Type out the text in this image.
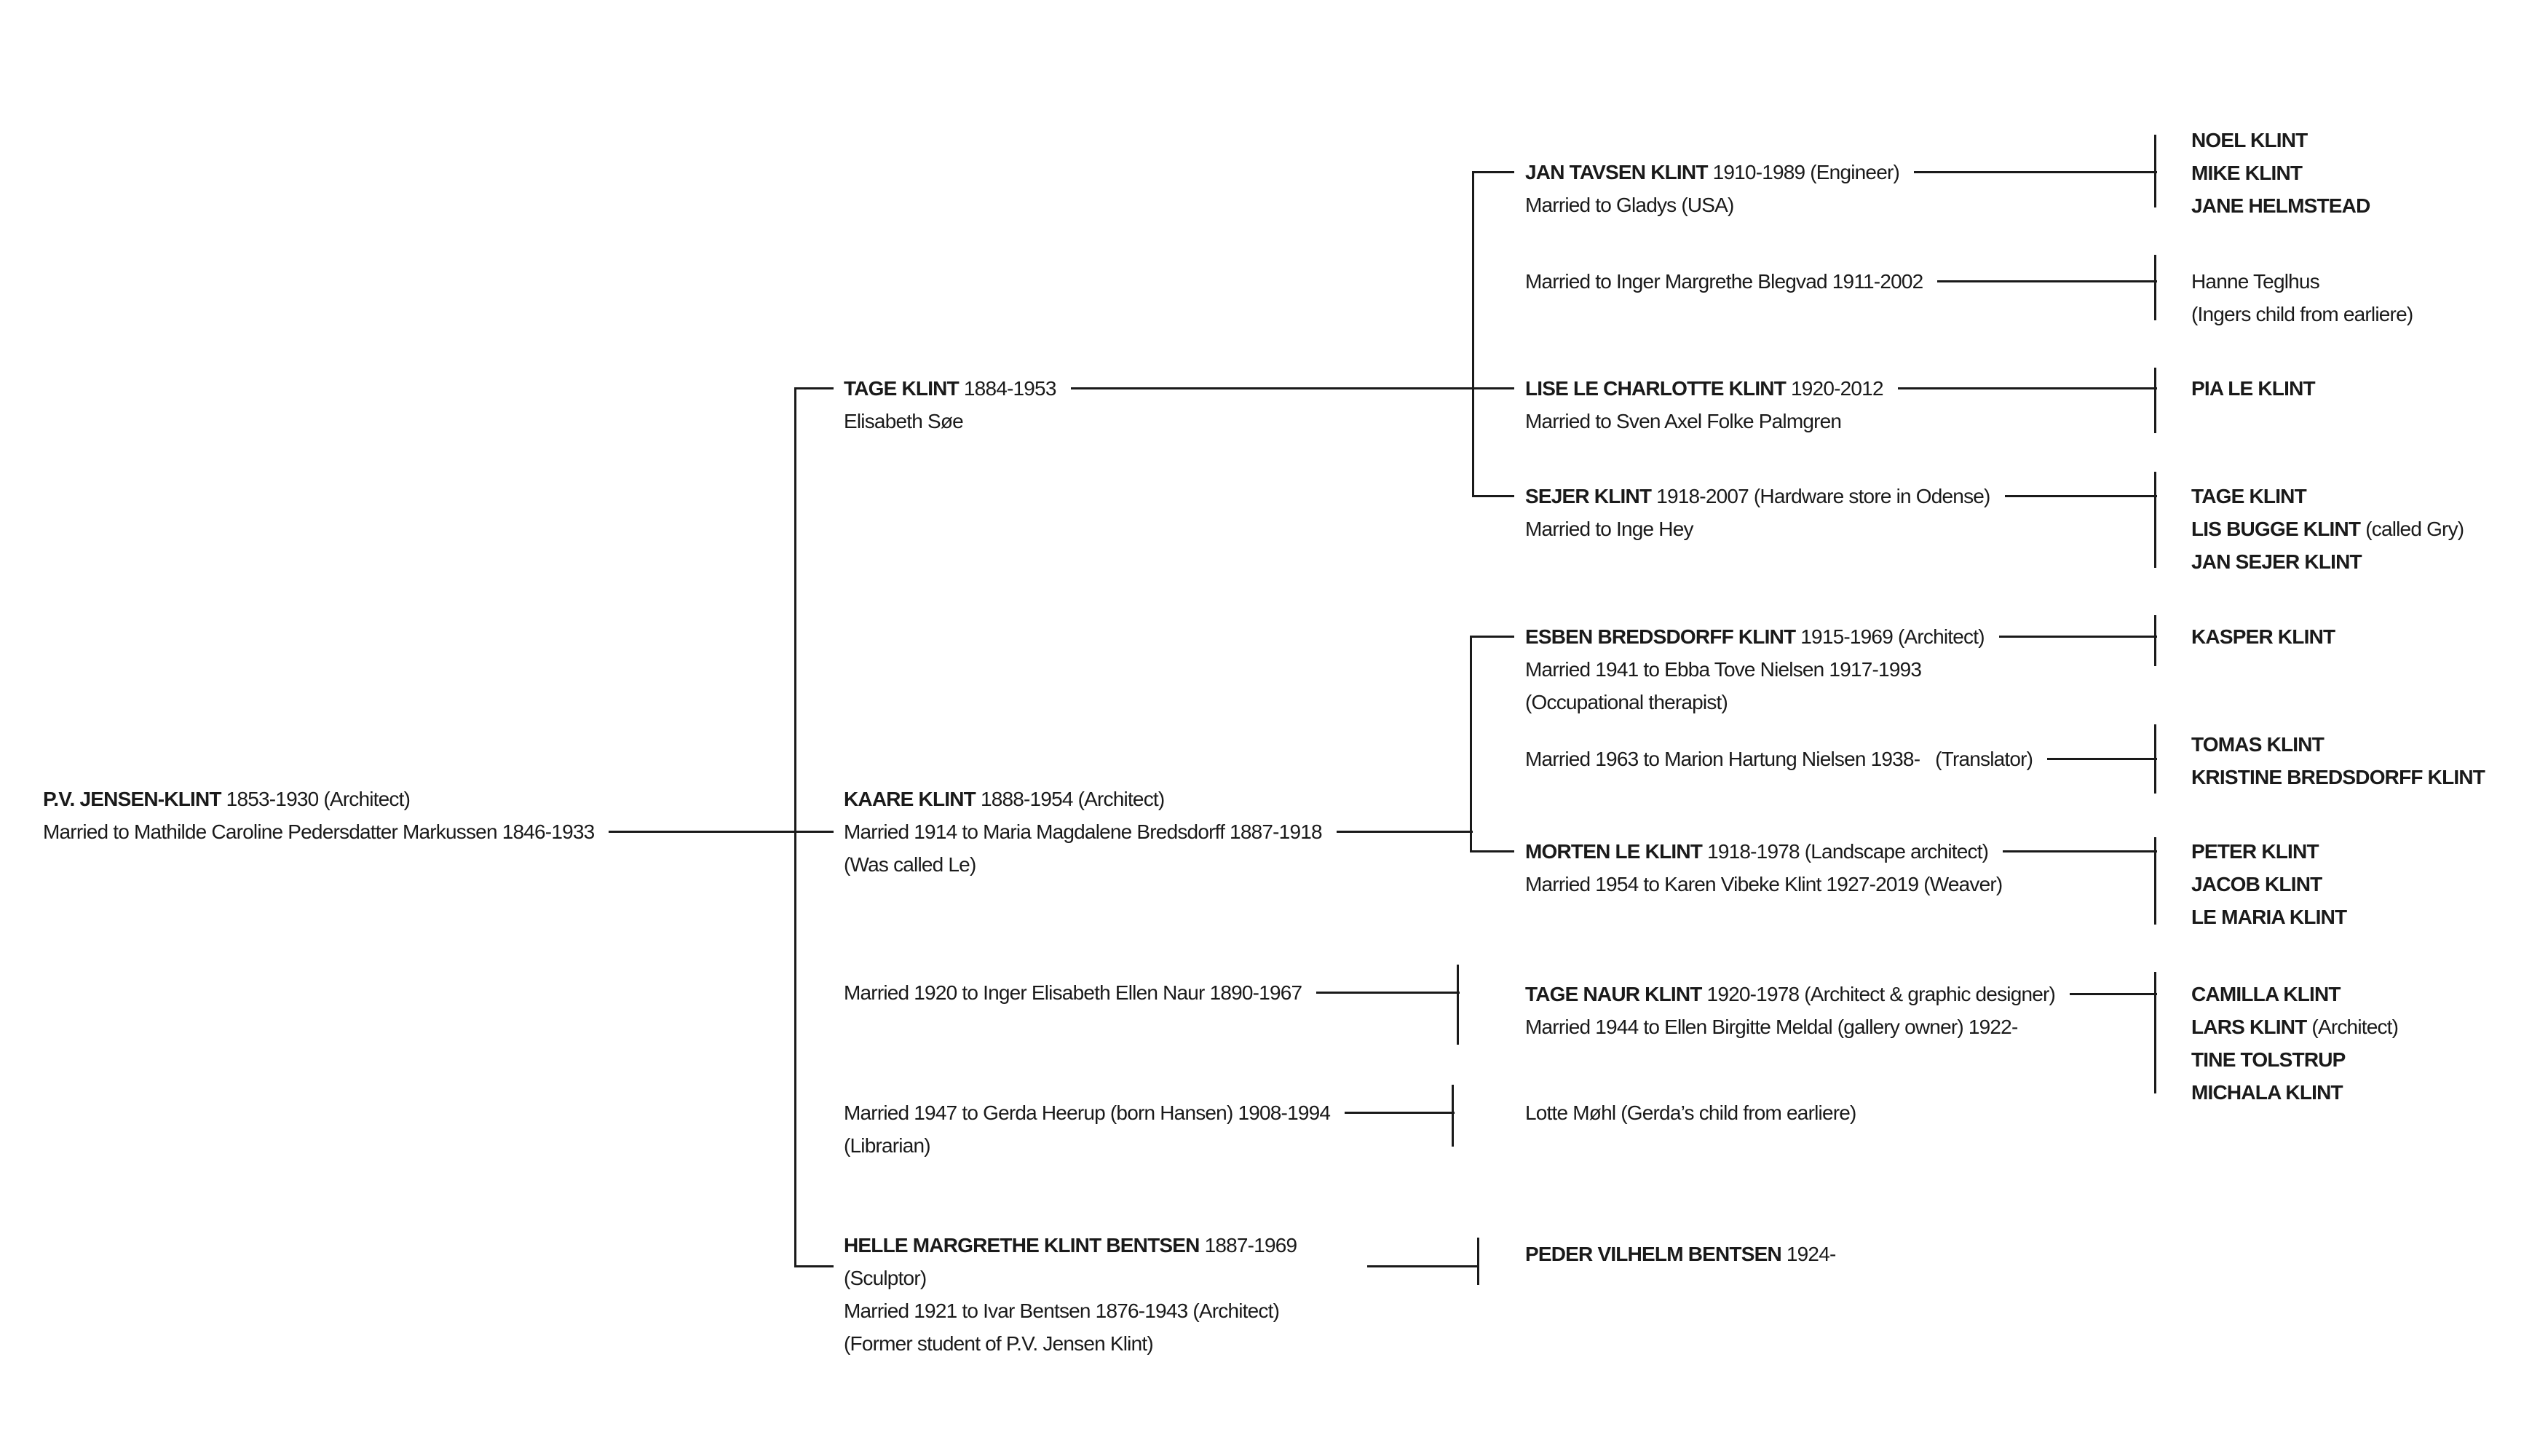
P.V. JENSEN-KLINT 1853-1930 (Architect)
Married to Mathilde Caroline Pedersdatter Markussen 1846-1933
TAGE KLINT 1884-1953
Elisabeth Søe
KAARE KLINT 1888-1954 (Architect)
Married 1914 to Maria Magdalene Bredsdorff 1887-1918
(Was called Le)
Married 1920 to Inger Elisabeth Ellen Naur 1890-1967
Married 1947 to Gerda Heerup (born Hansen) 1908-1994
(Librarian)
HELLE MARGRETHE KLINT BENTSEN 1887-1969
(Sculptor)
Married 1921 to Ivar Bentsen 1876-1943 (Architect)
(Former student of P.V. Jensen Klint)
JAN TAVSEN KLINT 1910-1989 (Engineer)
Married to Gladys (USA)
Married to Inger Margrethe Blegvad 1911-2002
LISE LE CHARLOTTE KLINT 1920-2012
Married to Sven Axel Folke Palmgren
SEJER KLINT 1918-2007 (Hardware store in Odense)
Married to Inge Hey
ESBEN BREDSDORFF KLINT 1915-1969 (Architect)
Married 1941 to Ebba Tove Nielsen 1917-1993
(Occupational therapist)
Married 1963 to Marion Hartung Nielsen 1938-   (Translator)
MORTEN LE KLINT 1918-1978 (Landscape architect)
Married 1954 to Karen Vibeke Klint 1927-2019 (Weaver)
TAGE NAUR KLINT 1920-1978 (Architect & graphic designer)
Married 1944 to Ellen Birgitte Meldal (gallery owner) 1922-
Lotte Møhl (Gerda’s child from earliere)
PEDER VILHELM BENTSEN 1924-
NOEL KLINT
MIKE KLINT
JANE HELMSTEAD
Hanne Teglhus
(Ingers child from earliere)
PIA LE KLINT
TAGE KLINT
LIS BUGGE KLINT (called Gry)
JAN SEJER KLINT
KASPER KLINT
TOMAS KLINT
KRISTINE BREDSDORFF KLINT
PETER KLINT
JACOB KLINT
LE MARIA KLINT
CAMILLA KLINT
LARS KLINT (Architect)
TINE TOLSTRUP
MICHALA KLINT
